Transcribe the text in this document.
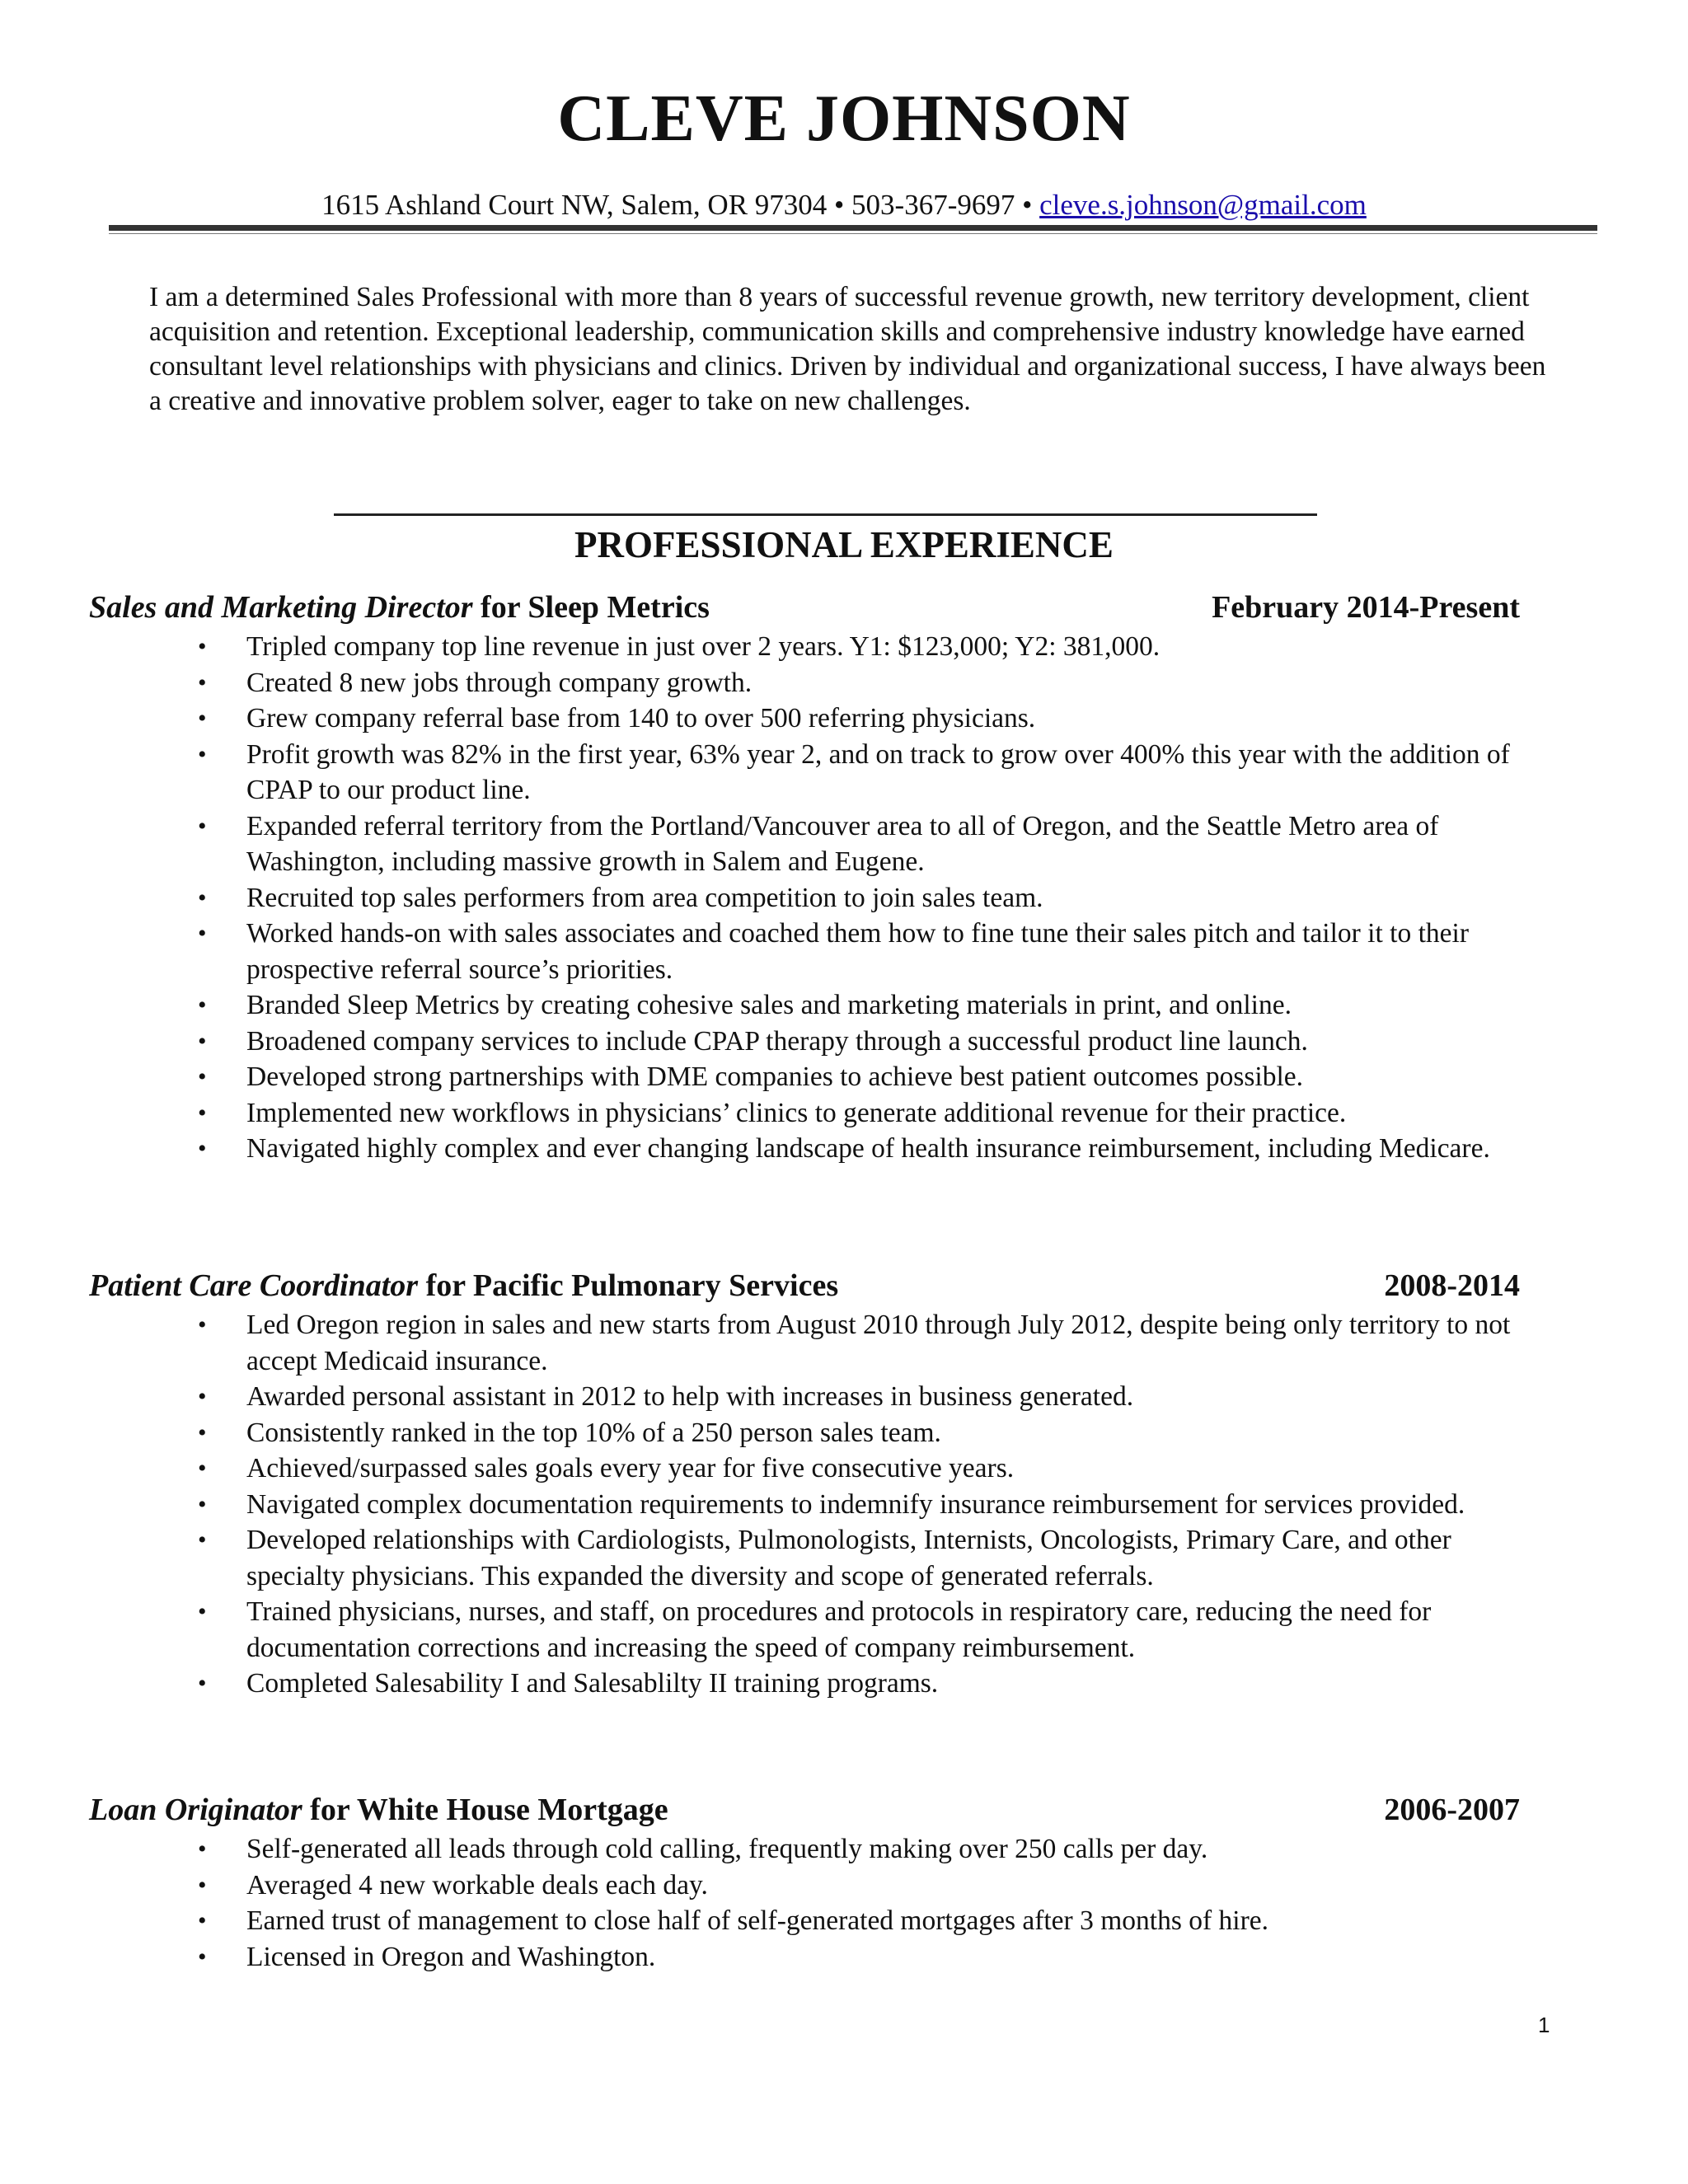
CLEVE JOHNSON
1615 Ashland Court NW, Salem, OR 97304 • 503-367-9697 • cleve.s.johnson@gmail.com

I am a determined Sales Professional with more than 8 years of successful revenue growth, new territory development, client acquisition and retention. Exceptional leadership, communication skills and comprehensive industry knowledge have earned consultant level relationships with physicians and clinics. Driven by individual and organizational success, I have always been a creative and innovative problem solver, eager to take on new challenges.

PROFESSIONAL EXPERIENCE
Sales and Marketing Director for Sleep Metrics	February 2014-Present
• Tripled company top line revenue in just over 2 years. Y1: $123,000; Y2: 381,000.
• Created 8 new jobs through company growth.
• Grew company referral base from 140 to over 500 referring physicians.
• Profit growth was 82% in the first year, 63% year 2, and on track to grow over 400% this year with the addition of CPAP to our product line.
• Expanded referral territory from the Portland/Vancouver area to all of Oregon, and the Seattle Metro area of Washington, including massive growth in Salem and Eugene.
• Recruited top sales performers from area competition to join sales team.
• Worked hands-on with sales associates and coached them how to fine tune their sales pitch and tailor it to their prospective referral source’s priorities.
• Branded Sleep Metrics by creating cohesive sales and marketing materials in print, and online.
• Broadened company services to include CPAP therapy through a successful product line launch.
• Developed strong partnerships with DME companies to achieve best patient outcomes possible.
• Implemented new workflows in physicians’ clinics to generate additional revenue for their practice.
• Navigated highly complex and ever changing landscape of health insurance reimbursement, including Medicare.
Patient Care Coordinator for Pacific Pulmonary Services	2008-2014
• Led Oregon region in sales and new starts from August 2010 through July 2012, despite being only territory to not accept Medicaid insurance.
• Awarded personal assistant in 2012 to help with increases in business generated.
• Consistently ranked in the top 10% of a 250 person sales team.
• Achieved/surpassed sales goals every year for five consecutive years.
• Navigated complex documentation requirements to indemnify insurance reimbursement for services provided.
• Developed relationships with Cardiologists, Pulmonologists, Internists, Oncologists, Primary Care, and other specialty physicians. This expanded the diversity and scope of generated referrals.
• Trained physicians, nurses, and staff, on procedures and protocols in respiratory care, reducing the need for documentation corrections and increasing the speed of company reimbursement.
• Completed Salesability I and Salesablilty II training programs.
Loan Originator for White House Mortgage	2006-2007
• Self-generated all leads through cold calling, frequently making over 250 calls per day.
• Averaged 4 new workable deals each day.
• Earned trust of management to close half of self-generated mortgages after 3 months of hire.
• Licensed in Oregon and Washington.
1
